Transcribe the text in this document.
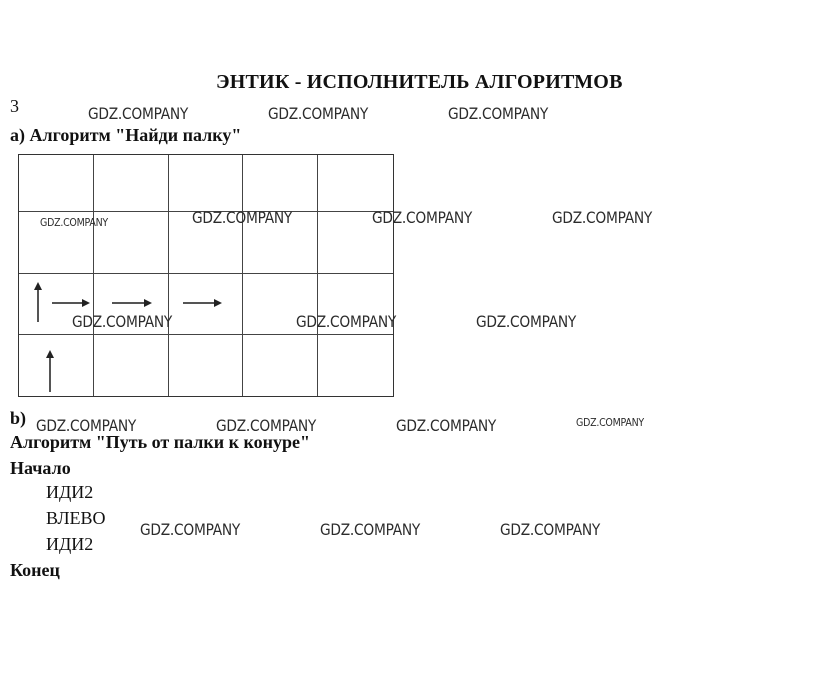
ЭНТИК - ИСПОЛНИТЕЛЬ АЛГОРИТМОВ
3
a) Алгоритм "Найди палку"
b)
Алгоритм "Путь от палки к конуре"
Начало
ИДИ2
ВЛЕВО
ИДИ2
Конец
GDZ.COMPANY	GDZ.COMPANY	GDZ.COMPANY
GDZ.COMPANY	GDZ.COMPANY	GDZ.COMPANY	GDZ.COMPANY
GDZ.COMPANY	GDZ.COMPANY	GDZ.COMPANY
GDZ.COMPANY	GDZ.COMPANY	GDZ.COMPANY	GDZ.COMPANY
GDZ.COMPANY	GDZ.COMPANY	GDZ.COMPANY
